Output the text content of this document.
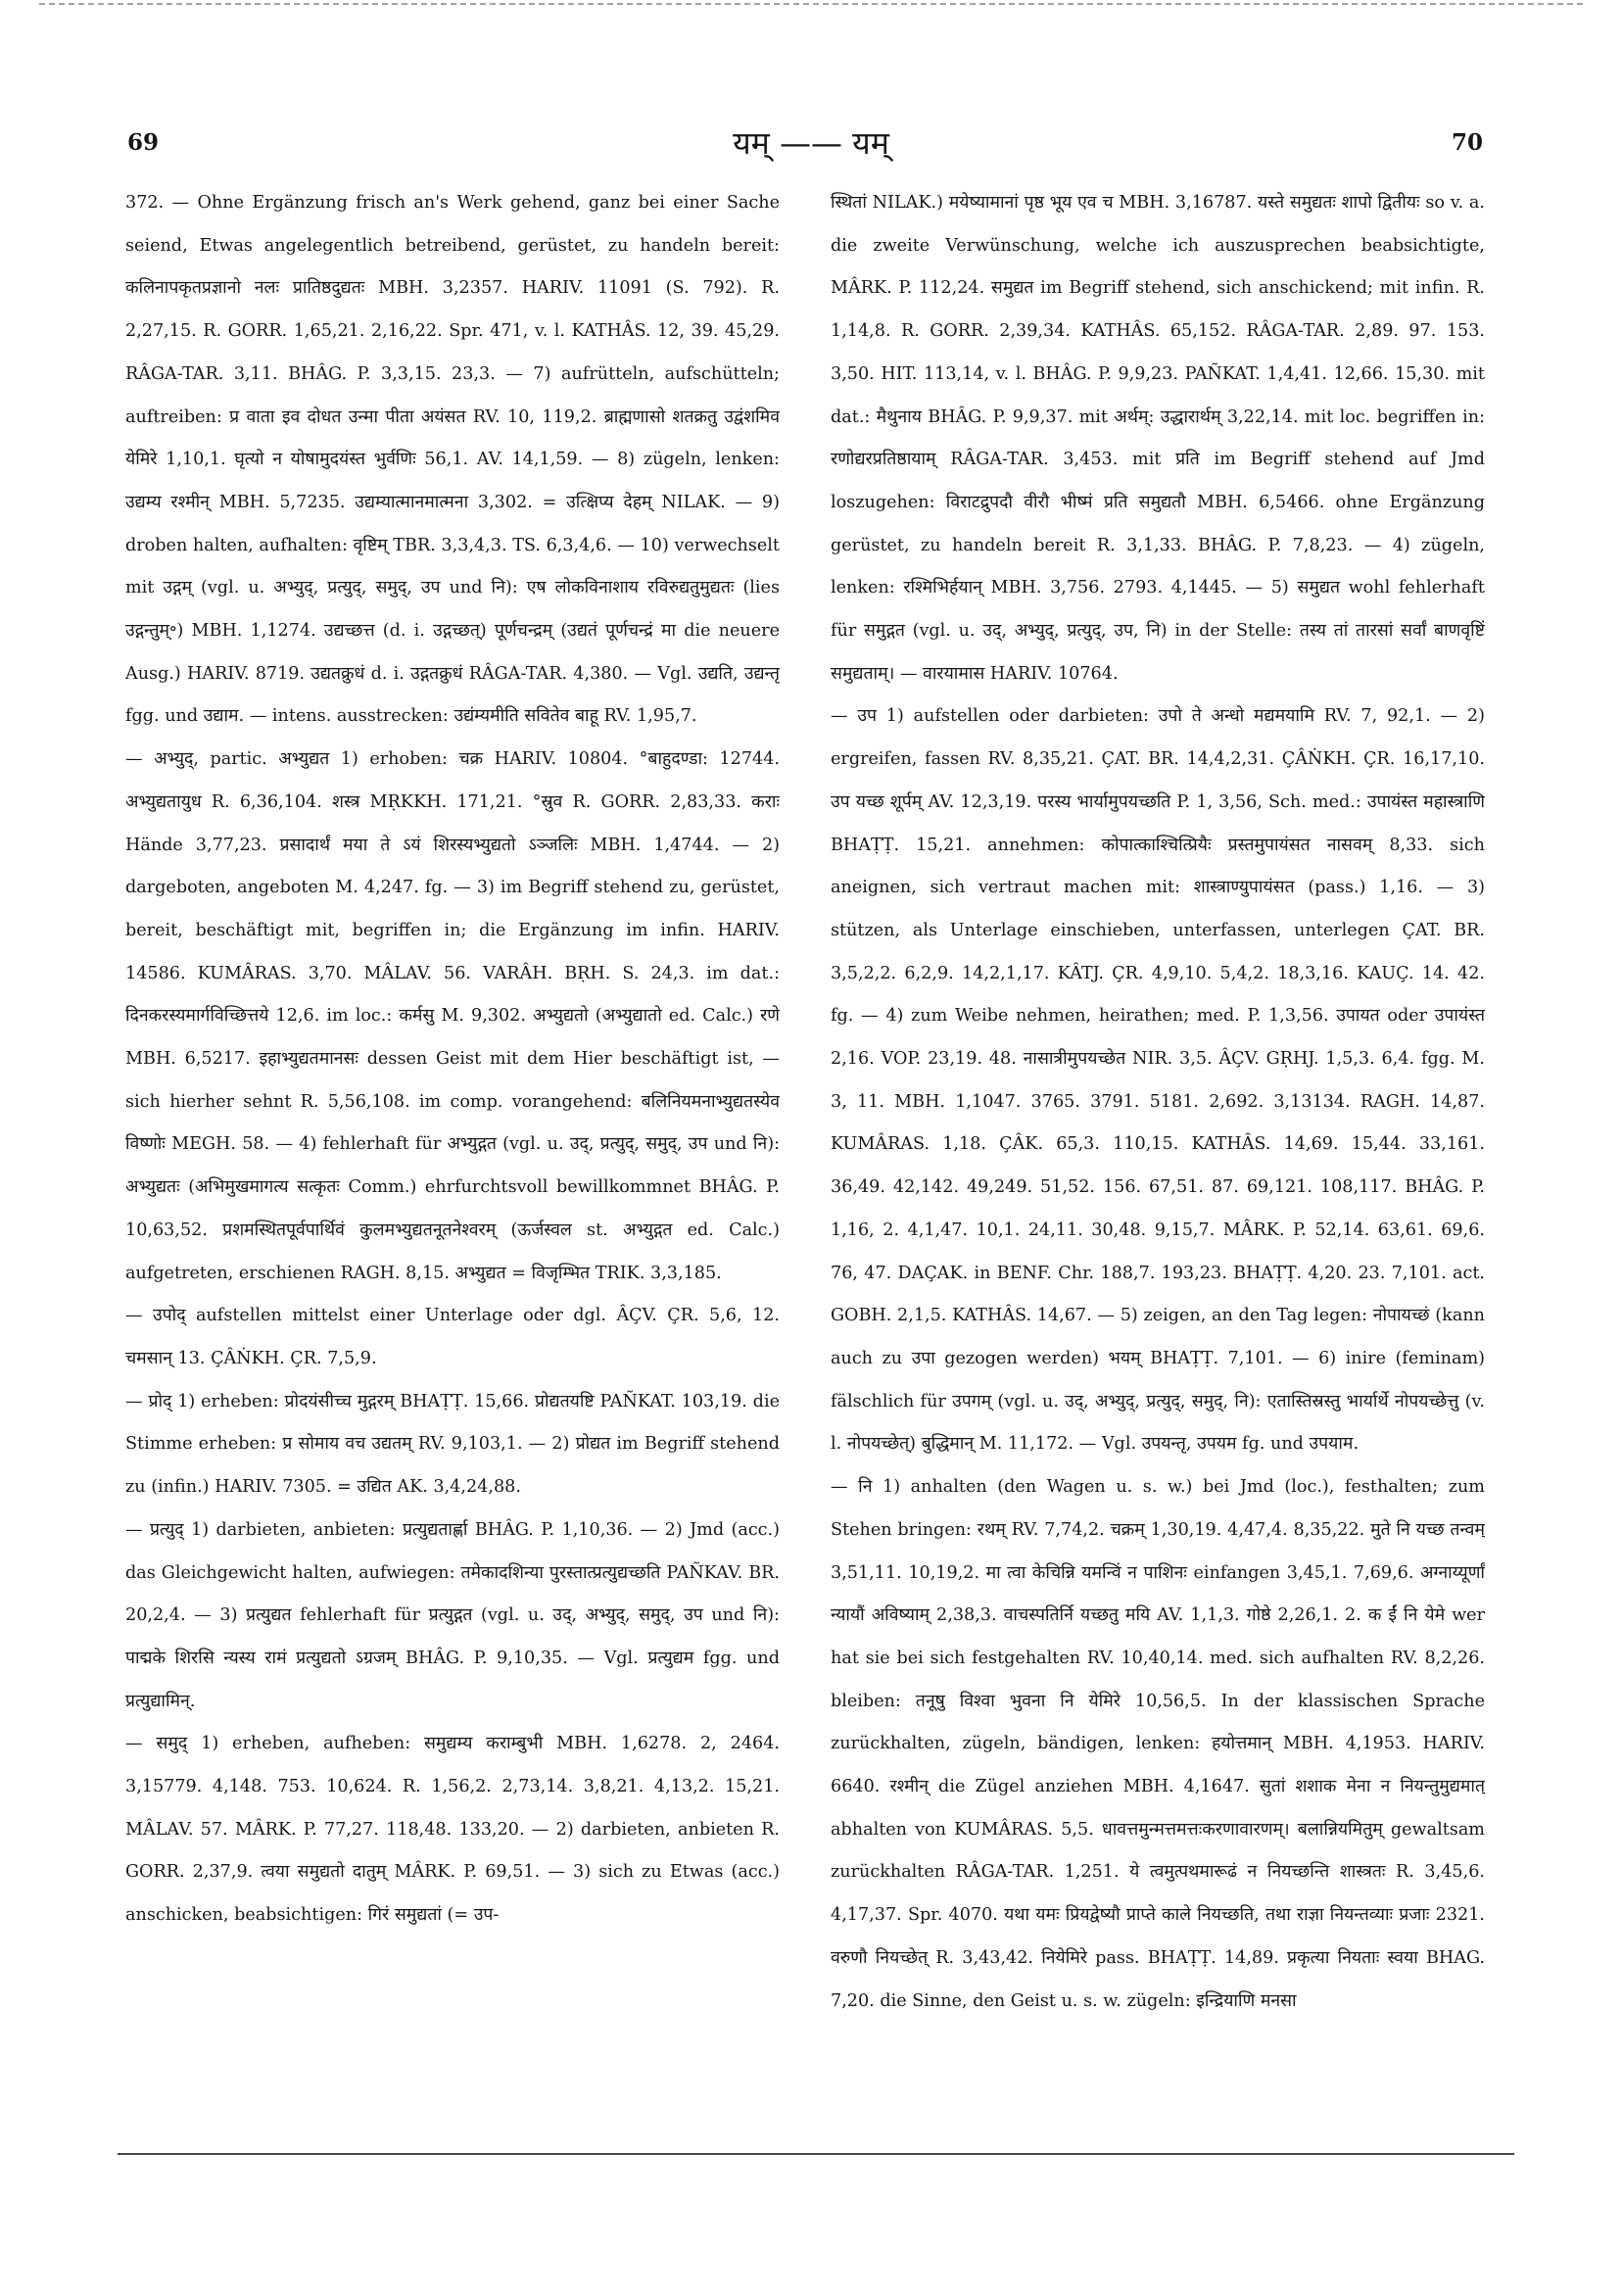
69	यम् —— यम्	70

372. — Ohne Ergänzung frisch an's Werk gehend, ganz bei einer Sache seiend, Etwas angelegentlich betreibend, gerüstet, zu handeln bereit: कलिनापकृतप्रज्ञानो नलः प्रातिष्ठदुद्यतः MBH. 3,2357. HARIV. 11091 (S. 792). R. 2,27,15. R. GORR. 1,65,21. 2,16,22. Spr. 471, v. l. KATHÂS. 12, 39. 45,29. RÂGA-TAR. 3,11. BHÂG. P. 3,3,15. 23,3. — 7) aufrütteln, aufschütteln; auftreiben: प्र वाता इव दोधत उन्मा पीता अयंसत RV. 10, 119,2. ब्राह्मणासो शतक्रतु उद्वंशमिव येमिरे 1,10,1. घृत्यो न योषामुदयंस्त भुर्वणिः 56,1. AV. 14,1,59. — 8) zügeln, lenken: उद्यम्य रश्मीन् MBH. 5,7235. उद्यम्यात्मानमात्मना 3,302. = उत्क्षिप्य देहम् NILAK. — 9) droben halten, aufhalten: वृष्टिम् TBR. 3,3,4,3. TS. 6,3,4,6. — 10) verwechselt mit उद्गम् (vgl. u. अभ्युद्, प्रत्युद्, समुद्, उप und नि): एष लोकविनाशाय रविरुद्यतुमुद्यतः (lies उद्गन्तुम्॰) MBH. 1,1274. उद्यच्छत्त (d. i. उद्गच्छत्) पूर्णचन्द्रम् (उद्यतं पूर्णचन्द्रं मा die neuere Ausg.) HARIV. 8719. उद्यतक्रुधं d. i. उद्गतक्रुधं RÂGA-TAR. 4,380. — Vgl. उद्यति, उद्यन्तृ fgg. und उद्याम. — intens. ausstrecken: उद्यंम्यमीति सवितेव बाहू RV. 1,95,7.

— अभ्युद्, partic. अभ्युद्यत 1) erhoben: चक्र HARIV. 10804. °बाहुदण्डा: 12744. अभ्युद्यतायुध R. 6,36,104. शस्त्र MṚKKH. 171,21. °स्रुव R. GORR. 2,83,33. कराः Hände 3,77,23. प्रसादार्थं मया ते ऽयं शिरस्यभ्युद्यतो ऽञ्जलिः MBH. 1,4744. — 2) dargeboten, angeboten M. 4,247. fg. — 3) im Begriff stehend zu, gerüstet, bereit, beschäftigt mit, begriffen in; die Ergänzung im infin. HARIV. 14586. KUMÂRAS. 3,70. MÂLAV. 56. VARÂH. BṚH. S. 24,3. im dat.: दिनकरस्यमार्गविच्छित्तये 12,6. im loc.: कर्मसु M. 9,302. अभ्युद्यतो (अभ्युद्यातो ed. Calc.) रणे MBH. 6,5217. इहाभ्युद्यतमानसः dessen Geist mit dem Hier beschäftigt ist, — sich hierher sehnt R. 5,56,108. im comp. vorangehend: बलिनियमनाभ्युद्यतस्येव विष्णोः MEGH. 58. — 4) fehlerhaft für अभ्युद्गत (vgl. u. उद्, प्रत्युद्, समुद्, उप und नि): अभ्युद्यतः (अभिमुखमागत्य सत्कृतः Comm.) ehrfurchtsvoll bewillkommnet BHÂG. P. 10,63,52. प्रशमस्थितपूर्वपार्थिवं कुलमभ्युद्यतनूतनेश्वरम् (ऊर्जस्वल st. अभ्युद्गत ed. Calc.) aufgetreten, erschienen RAGH. 8,15. अभ्युद्यत = विजृम्भित TRIK. 3,3,185.

— उपोद् aufstellen mittelst einer Unterlage oder dgl. ÂÇV. ÇR. 5,6, 12. चमसान् 13. ÇÂṄKH. ÇR. 7,5,9.

— प्रोद् 1) erheben: प्रोदयंसीच्च मुद्गरम् BHAṬṬ. 15,66. प्रोद्यतयष्टि PAÑKAT. 103,19. die Stimme erheben: प्र सोमाय वच उद्यतम् RV. 9,103,1. — 2) प्रोद्यत im Begriff stehend zu (infin.) HARIV. 7305. = उद्यित AK. 3,4,24,88.

— प्रत्युद् 1) darbieten, anbieten: प्रत्युद्यतार्ह्णा BHÂG. P. 1,10,36. — 2) Jmd (acc.) das Gleichgewicht halten, aufwiegen: तमेकादशिन्या पुरस्तात्प्रत्युद्यच्छति PAÑKAV. BR. 20,2,4. — 3) प्रत्युद्यत fehlerhaft für प्रत्युद्गत (vgl. u. उद्, अभ्युद्, समुद्, उप und नि): पाद्मके शिरसि न्यस्य रामं प्रत्युद्यतो ऽग्रजम् BHÂG. P. 9,10,35. — Vgl. प्रत्युद्यम fgg. und प्रत्युद्यामिन्.

— समुद् 1) erheben, aufheben: समुद्यम्य कराम्बुभी MBH. 1,6278. 2, 2464. 3,15779. 4,148. 753. 10,624. R. 1,56,2. 2,73,14. 3,8,21. 4,13,2. 15,21. MÂLAV. 57. MÂRK. P. 77,27. 118,48. 133,20. — 2) darbieten, anbieten R. GORR. 2,37,9. त्वया समुद्यतो दातुम् MÂRK. P. 69,51. — 3) sich zu Etwas (acc.) anschicken, beabsichtigen: गिरं समुद्यतां (= उप-

स्थितां NILAK.) मयेष्यामानां पृष्ठ भूय एव च MBH. 3,16787. यस्ते समुद्यतः शापो द्वितीयः so v. a. die zweite Verwünschung, welche ich auszusprechen beabsichtigte, MÂRK. P. 112,24. समुद्यत im Begriff stehend, sich anschickend; mit infin. R. 1,14,8. R. GORR. 2,39,34. KATHÂS. 65,152. RÂGA-TAR. 2,89. 97. 153. 3,50. HIT. 113,14, v. l. BHÂG. P. 9,9,23. PAÑKAT. 1,4,41. 12,66. 15,30. mit dat.: मैथुनाय BHÂG. P. 9,9,37. mit अर्थम्: उद्धारार्थम् 3,22,14. mit loc. begriffen in: रणोद्यरप्रतिष्ठायाम् RÂGA-TAR. 3,453. mit प्रति im Begriff stehend auf Jmd loszugehen: विराटद्रुपदौ वीरौ भीष्मं प्रति समुद्यतौ MBH. 6,5466. ohne Ergänzung gerüstet, zu handeln bereit R. 3,1,33. BHÂG. P. 7,8,23. — 4) zügeln, lenken: रश्मिभिर्हयान् MBH. 3,756. 2793. 4,1445. — 5) समुद्यत wohl fehlerhaft für समुद्गत (vgl. u. उद्, अभ्युद्, प्रत्युद्, उप, नि) in der Stelle: तस्य तां तारसां सर्वां बाणवृष्टिं समुद्यताम्। — वारयामास HARIV. 10764.

— उप 1) aufstellen oder darbieten: उपो ते अन्धो मद्यमयामि RV. 7, 92,1. — 2) ergreifen, fassen RV. 8,35,21. ÇAT. BR. 14,4,2,31. ÇÂṄKH. ÇR. 16,17,10. उप यच्छ शूर्पम् AV. 12,3,19. परस्य भार्यामुपयच्छति P. 1, 3,56, Sch. med.: उपायंस्त महास्त्राणि BHAṬṬ. 15,21. annehmen: कोपात्काश्चित्प्रियैः प्रस्तमुपायंसत नासवम् 8,33. sich aneignen, sich vertraut machen mit: शास्त्राण्युपायंसत (pass.) 1,16. — 3) stützen, als Unterlage einschieben, unterfassen, unterlegen ÇAT. BR. 3,5,2,2. 6,2,9. 14,2,1,17. KÂTJ. ÇR. 4,9,10. 5,4,2. 18,3,16. KAUÇ. 14. 42. fg. — 4) zum Weibe nehmen, heirathen; med. P. 1,3,56. उपायत oder उपायंस्त 2,16. VOP. 23,19. 48. नासात्रीमुपयच्छेत NIR. 3,5. ÂÇV. GṚHJ. 1,5,3. 6,4. fgg. M. 3, 11. MBH. 1,1047. 3765. 3791. 5181. 2,692. 3,13134. RAGH. 14,87. KUMÂRAS. 1,18. ÇÂK. 65,3. 110,15. KATHÂS. 14,69. 15,44. 33,161. 36,49. 42,142. 49,249. 51,52. 156. 67,51. 87. 69,121. 108,117. BHÂG. P. 1,16, 2. 4,1,47. 10,1. 24,11. 30,48. 9,15,7. MÂRK. P. 52,14. 63,61. 69,6. 76, 47. DAÇAK. in BENF. Chr. 188,7. 193,23. BHAṬṬ. 4,20. 23. 7,101. act. GOBH. 2,1,5. KATHÂS. 14,67. — 5) zeigen, an den Tag legen: नोपायच्छं (kann auch zu उपा gezogen werden) भयम् BHAṬṬ. 7,101. — 6) inire (feminam) fälschlich für उपगम् (vgl. u. उद्, अभ्युद्, प्रत्युद्, समुद्, नि): एतास्तिस्रस्तु भार्यार्थे नोपयच्छेत्तु (v. l. नोपयच्छेत्) बुद्धिमान् M. 11,172. — Vgl. उपयन्तृ, उपयम fg. und उपयाम.

— नि 1) anhalten (den Wagen u. s. w.) bei Jmd (loc.), festhalten; zum Stehen bringen: रथम् RV. 7,74,2. चक्रम् 1,30,19. 4,47,4. 8,35,22. मुते नि यच्छ तन्वम् 3,51,11. 10,19,2. मा त्वा केचिन्नि यमन्विं न पाशिनः einfangen 3,45,1. 7,69,6. अग्नाय्यूर्णां न्यायौं अविष्याम् 2,38,3. वाचस्पतिर्नि यच्छतु मयि AV. 1,1,3. गोष्ठे 2,26,1. 2. क ईं नि येमे wer hat sie bei sich festgehalten RV. 10,40,14. med. sich aufhalten RV. 8,2,26. bleiben: तनूषु विश्वा भुवना नि येमिरे 10,56,5. In der klassischen Sprache zurückhalten, zügeln, bändigen, lenken: हयोत्तमान् MBH. 4,1953. HARIV. 6640. रश्मीन् die Zügel anziehen MBH. 4,1647. सुतां शशाक मेना न नियन्तुमुद्यमात् abhalten von KUMÂRAS. 5,5. धावत्तमुन्मत्तमत्तःकरणावारणम्। बलान्नियमितुम् gewaltsam zurückhalten RÂGA-TAR. 1,251. ये त्वमुत्पथमारूढं न नियच्छन्ति शास्त्रतः R. 3,45,6. 4,17,37. Spr. 4070. यथा यमः प्रियद्वेष्यौ प्राप्ते काले नियच्छति, तथा राज्ञा नियन्तव्याः प्रजाः 2321. वरुणौ नियच्छेत् R. 3,43,42. नियेमिरे pass. BHAṬṬ. 14,89. प्रकृत्या नियताः स्वया BHAG. 7,20. die Sinne, den Geist u. s. w. zügeln: इन्द्रियाणि मनसा
